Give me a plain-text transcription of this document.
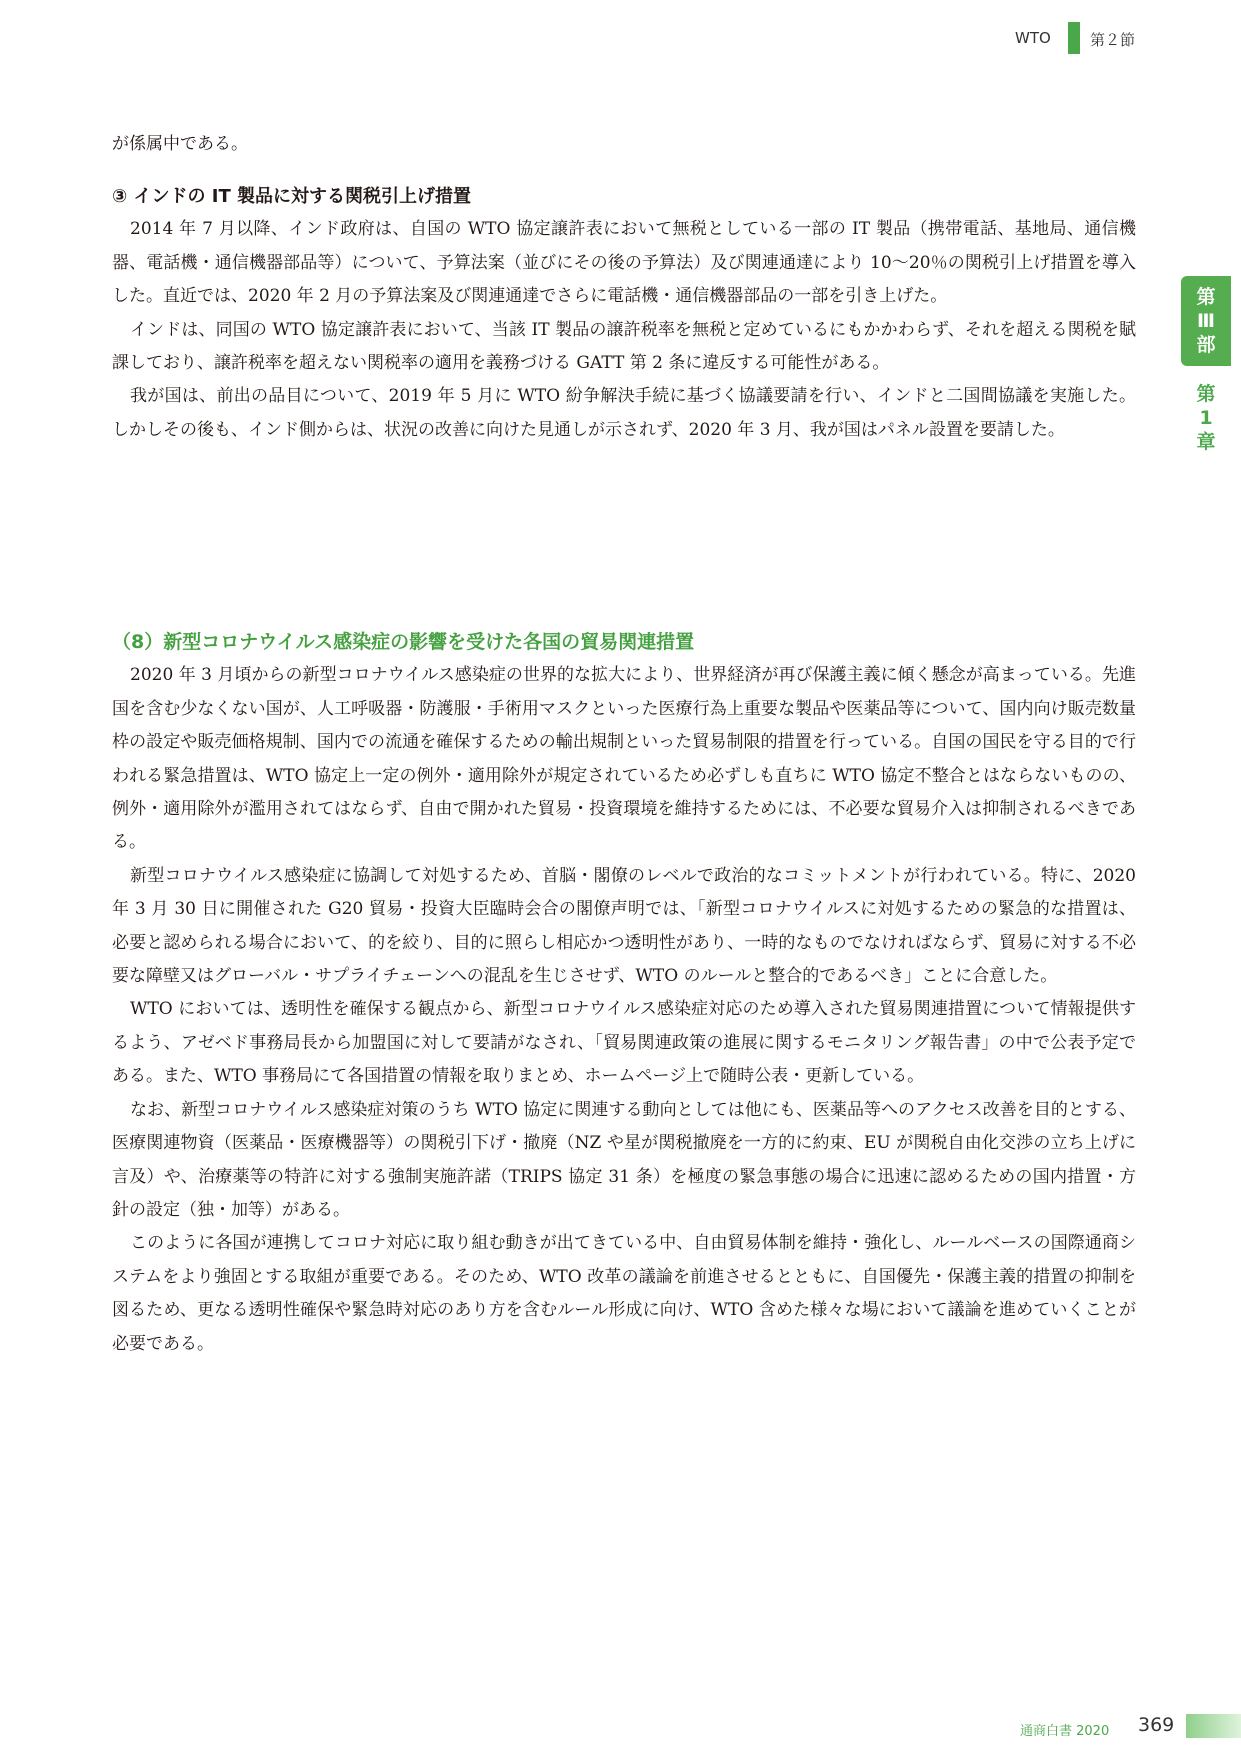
WTO	第２節
第
Ⅲ
部
第
1
章

が係属中である。

③ インドの IT 製品に対する関税引上げ措置

2014 年 7 月以降、インド政府は、自国の WTO 協定譲許表において無税としている一部の IT 製品（携帯電話、基地局、通信機器、電話機・通信機器部品等）について、予算法案（並びにその後の予算法）及び関連通達により 10〜20％の関税引上げ措置を導入した。直近では、2020 年 2 月の予算法案及び関連通達でさらに電話機・通信機器部品の一部を引き上げた。

インドは、同国の WTO 協定譲許表において、当該 IT 製品の譲許税率を無税と定めているにもかかわらず、それを超える関税を賦課しており、譲許税率を超えない関税率の適用を義務づける GATT 第 2 条に違反する可能性がある。

我が国は、前出の品目について、2019 年 5 月に WTO 紛争解決手続に基づく協議要請を行い、インドと二国間協議を実施した。しかしその後も、インド側からは、状況の改善に向けた見通しが示されず、2020 年 3 月、我が国はパネル設置を要請した。

（8）新型コロナウイルス感染症の影響を受けた各国の貿易関連措置

2020 年 3 月頃からの新型コロナウイルス感染症の世界的な拡大により、世界経済が再び保護主義に傾く懸念が高まっている。先進国を含む少なくない国が、人工呼吸器・防護服・手術用マスクといった医療行為上重要な製品や医薬品等について、国内向け販売数量枠の設定や販売価格規制、国内での流通を確保するための輸出規制といった貿易制限的措置を行っている。自国の国民を守る目的で行われる緊急措置は、WTO 協定上一定の例外・適用除外が規定されているため必ずしも直ちに WTO 協定不整合とはならないものの、例外・適用除外が濫用されてはならず、自由で開かれた貿易・投資環境を維持するためには、不必要な貿易介入は抑制されるべきである。

新型コロナウイルス感染症に協調して対処するため、首脳・閣僚のレベルで政治的なコミットメントが行われている。特に、2020 年 3 月 30 日に開催された G20 貿易・投資大臣臨時会合の閣僚声明では、「新型コロナウイルスに対処するための緊急的な措置は、必要と認められる場合において、的を絞り、目的に照らし相応かつ透明性があり、一時的なものでなければならず、貿易に対する不必要な障壁又はグローバル・サプライチェーンへの混乱を生じさせず、WTO のルールと整合的であるべき」ことに合意した。

WTO においては、透明性を確保する観点から、新型コロナウイルス感染症対応のため導入された貿易関連措置について情報提供するよう、アゼベド事務局長から加盟国に対して要請がなされ、「貿易関連政策の進展に関するモニタリング報告書」の中で公表予定である。また、WTO 事務局にて各国措置の情報を取りまとめ、ホームページ上で随時公表・更新している。

なお、新型コロナウイルス感染症対策のうち WTO 協定に関連する動向としては他にも、医薬品等へのアクセス改善を目的とする、医療関連物資（医薬品・医療機器等）の関税引下げ・撤廃（NZ や星が関税撤廃を一方的に約束、EU が関税自由化交渉の立ち上げに言及）や、治療薬等の特許に対する強制実施許諾（TRIPS 協定 31 条）を極度の緊急事態の場合に迅速に認めるための国内措置・方針の設定（独・加等）がある。

このように各国が連携してコロナ対応に取り組む動きが出てきている中、自由貿易体制を維持・強化し、ルールベースの国際通商システムをより強固とする取組が重要である。そのため、WTO 改革の議論を前進させるとともに、自国優先・保護主義的措置の抑制を図るため、更なる透明性確保や緊急時対応のあり方を含むルール形成に向け、WTO 含めた様々な場において議論を進めていくことが必要である。

通商白書 2020 369
